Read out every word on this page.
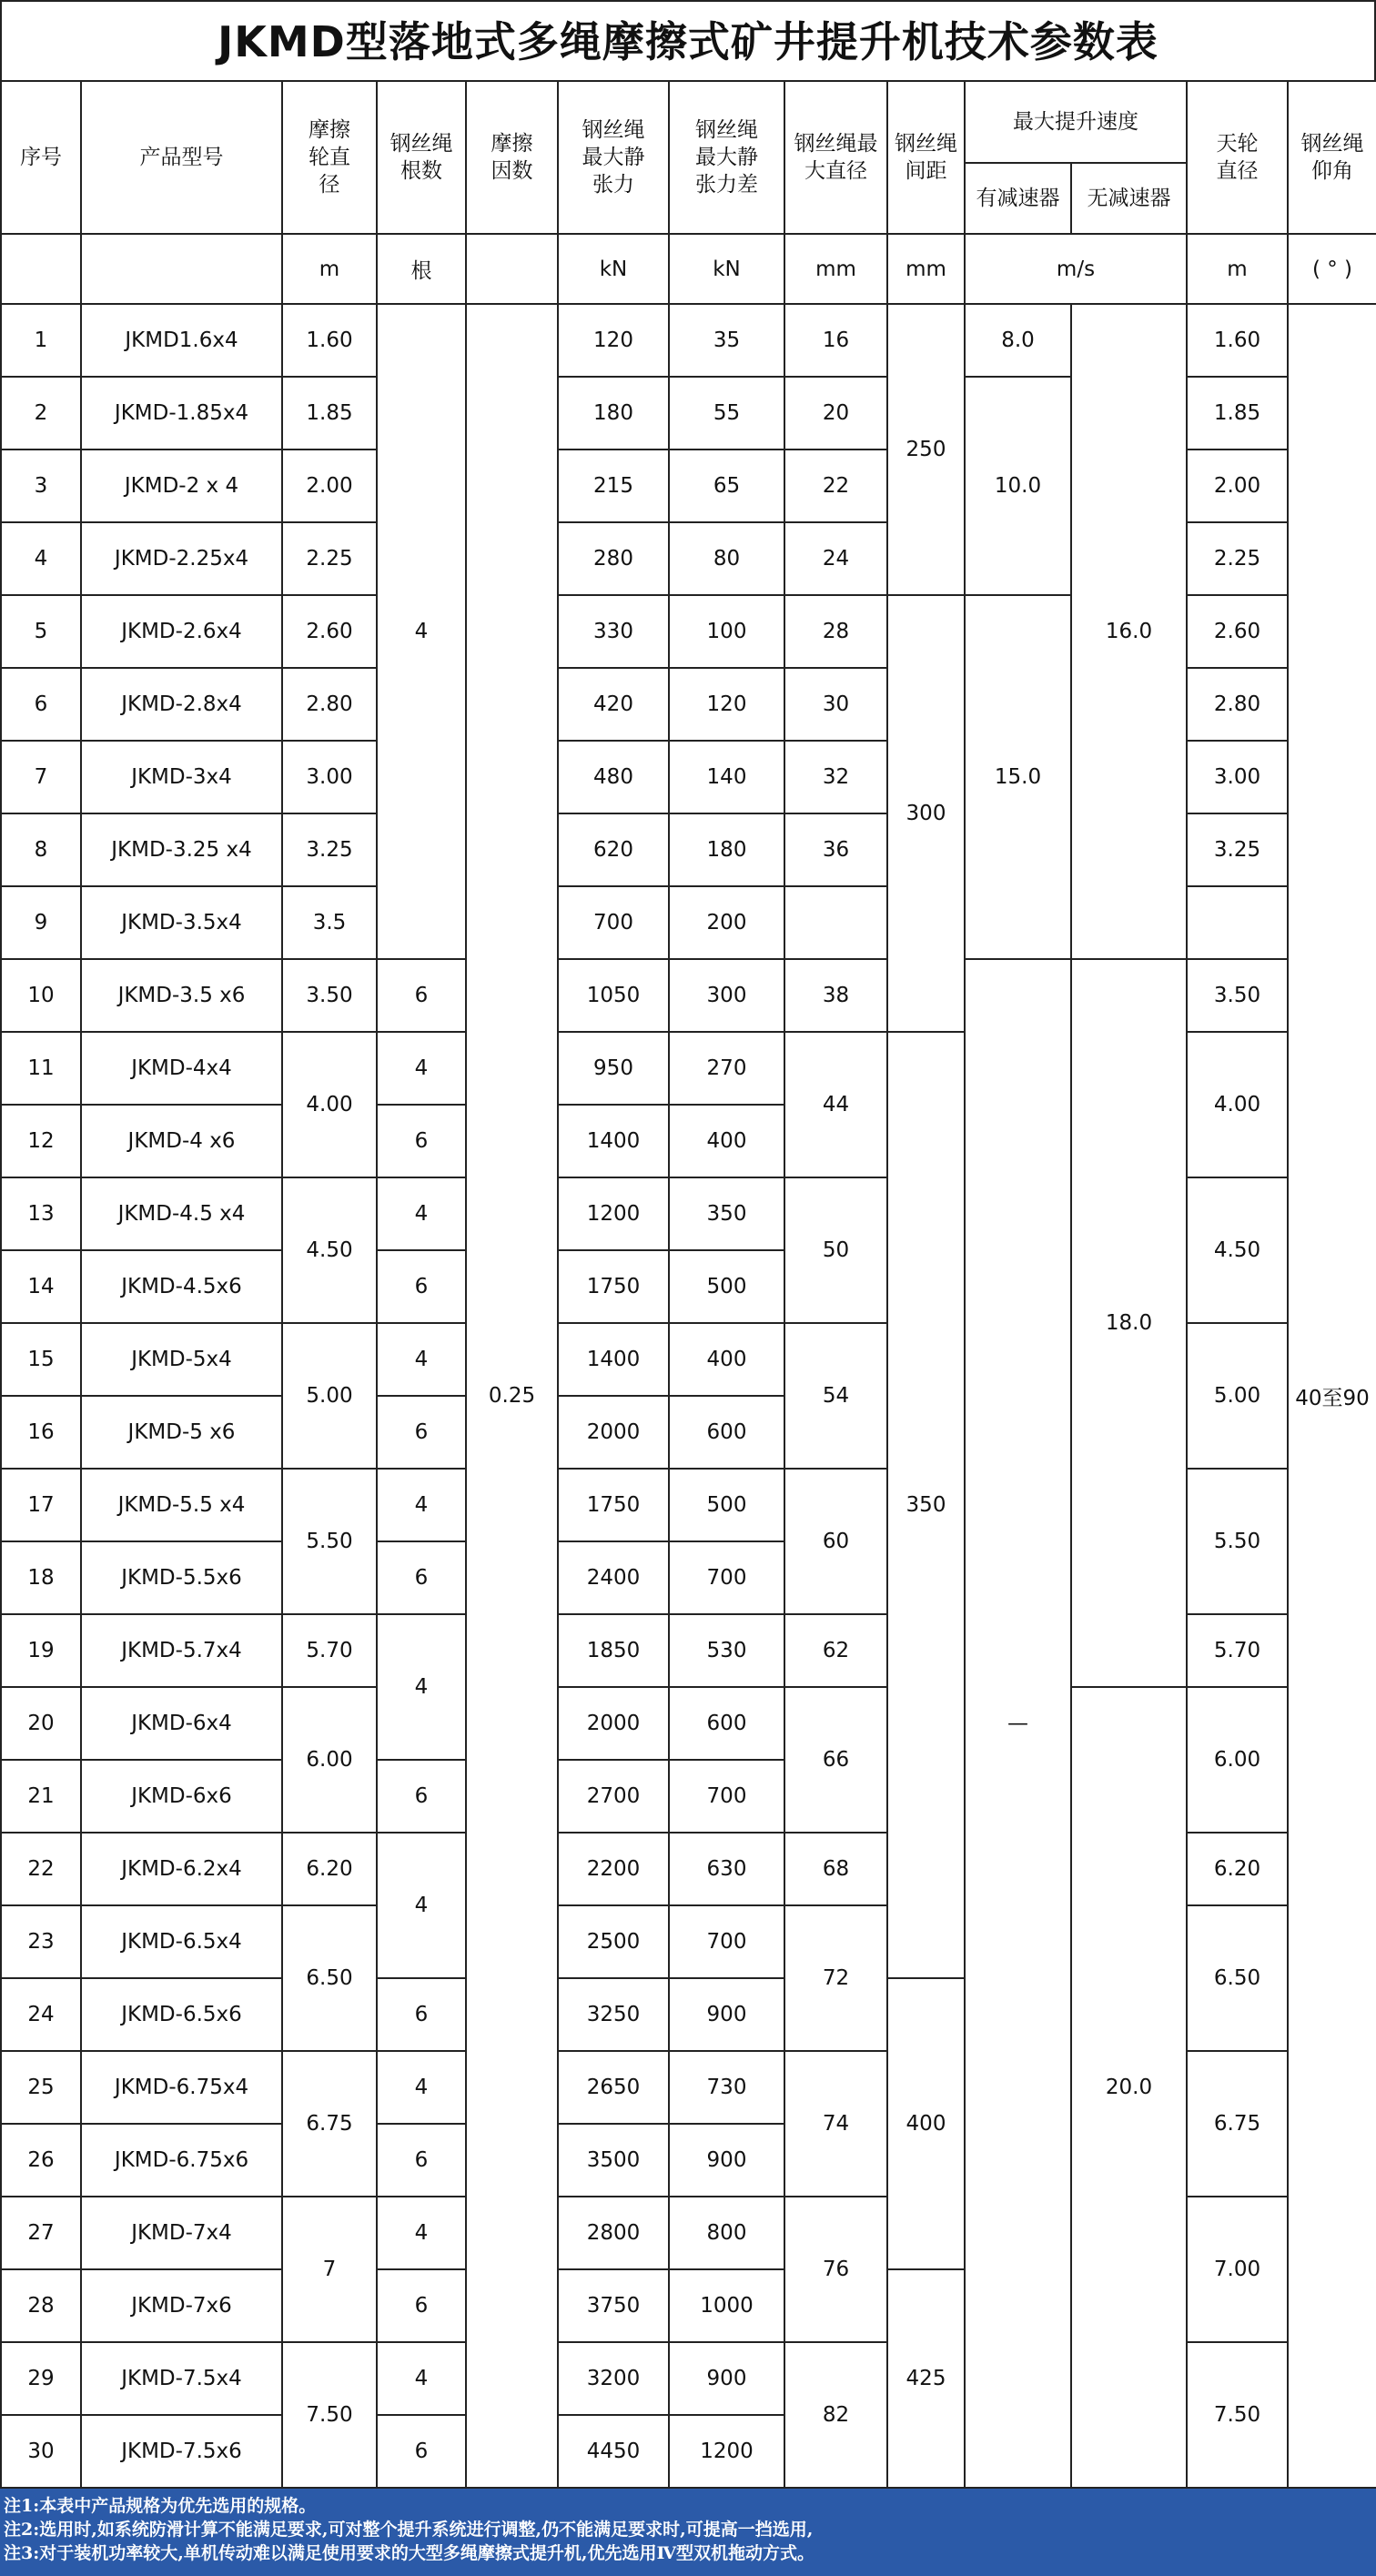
JKMD型落地式多绳摩擦式矿井提升机技术参数表
序号	产品型号	摩擦轮直径	钢丝绳根数	摩擦因数	钢丝绳最大静张力	钢丝绳最大静张力差	钢丝绳最大直径	钢丝绳间距	最大提升速度		天轮直径	钢丝绳仰角

									有减速器	无减速器		
		m	根		kN	kN	mm	mm	m/s		m	( ° )
1	JKMD1.6x4	1.60	4	0.25	120	35	16	250	8.0	16.0	1.60	40至90
2	JKMD-1.85x4	1.85			180	55	20		10.0		1.85	
3	JKMD-2 x 4	2.00			215	65	22				2.00	
4	JKMD-2.25x4	2.25			280	80	24				2.25	
5	JKMD-2.6x4	2.60			330	100	28	300	15.0		2.60	
6	JKMD-2.8x4	2.80			420	120	30				2.80	
7	JKMD-3x4	3.00			480	140	32				3.00	
8	JKMD-3.25 x4	3.25			620	180	36				3.25	
9	JKMD-3.5x4	3.5			700	200						
10	JKMD-3.5 x6	3.50	6		1050	300	38		—	18.0	3.50	
11	JKMD-4x4	4.00	4		950	270	44	350			4.00	
12	JKMD-4 x6		6		1400	400						
13	JKMD-4.5 x4	4.50	4		1200	350	50				4.50	
14	JKMD-4.5x6		6		1750	500						
15	JKMD-5x4	5.00	4		1400	400	54				5.00	
16	JKMD-5 x6		6		2000	600						
17	JKMD-5.5 x4	5.50	4		1750	500	60				5.50	
18	JKMD-5.5x6		6		2400	700						
19	JKMD-5.7x4	5.70	4		1850	530	62				5.70	
20	JKMD-6x4	6.00			2000	600	66			20.0	6.00	
21	JKMD-6x6		6		2700	700						
22	JKMD-6.2x4	6.20	4		2200	630	68				6.20	
23	JKMD-6.5x4	6.50			2500	700	72				6.50	
24	JKMD-6.5x6		6		3250	900		400				
25	JKMD-6.75x4	6.75	4		2650	730	74				6.75	
26	JKMD-6.75x6		6		3500	900						
27	JKMD-7x4	7	4		2800	800	76				7.00	
28	JKMD-7x6		6		3750	1000		425				
29	JKMD-7.5x4	7.50	4		3200	900	82				7.50	
30	JKMD-7.5x6		6		4450	1200						
注1:本表中产品规格为优先选用的规格。
注2:选用时,如系统防滑计算不能满足要求,可对整个提升系统进行调整,仍不能满足要求时,可提高一挡选用,
注3:对于装机功率较大,单机传动难以满足使用要求的大型多绳摩擦式提升机,优先选用Ⅳ型双机拖动方式。
